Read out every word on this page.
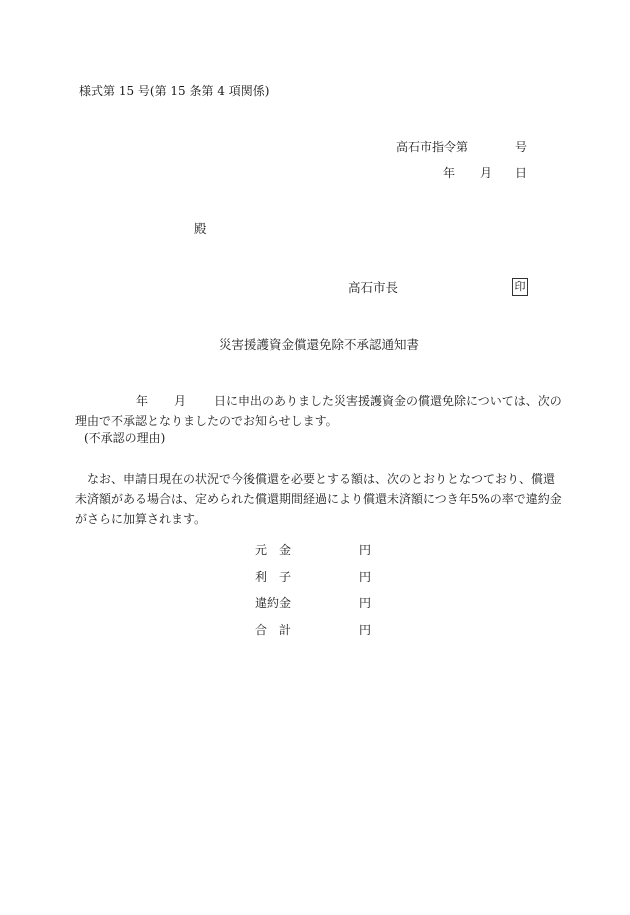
様式第 15 号(第 15 条第 4 項関係)
高石市指令第	号
年 月 日
殿
高石市長	印
災害援護資金償還免除不承認通知書
年 月 日に申出のありました災害援護資金の償還免除については、次の
理由で不承認となりましたのでお知らせします。
(不承認の理由)
なお、申請日現在の状況で今後償還を必要とする額は、次のとおりとなつており、償還
未済額がある場合は、定められた償還期間経過により償還未済額につき年5%の率で違約金
がさらに加算されます。
元　金	円
利　子	円
違約金	円
合　計	円
